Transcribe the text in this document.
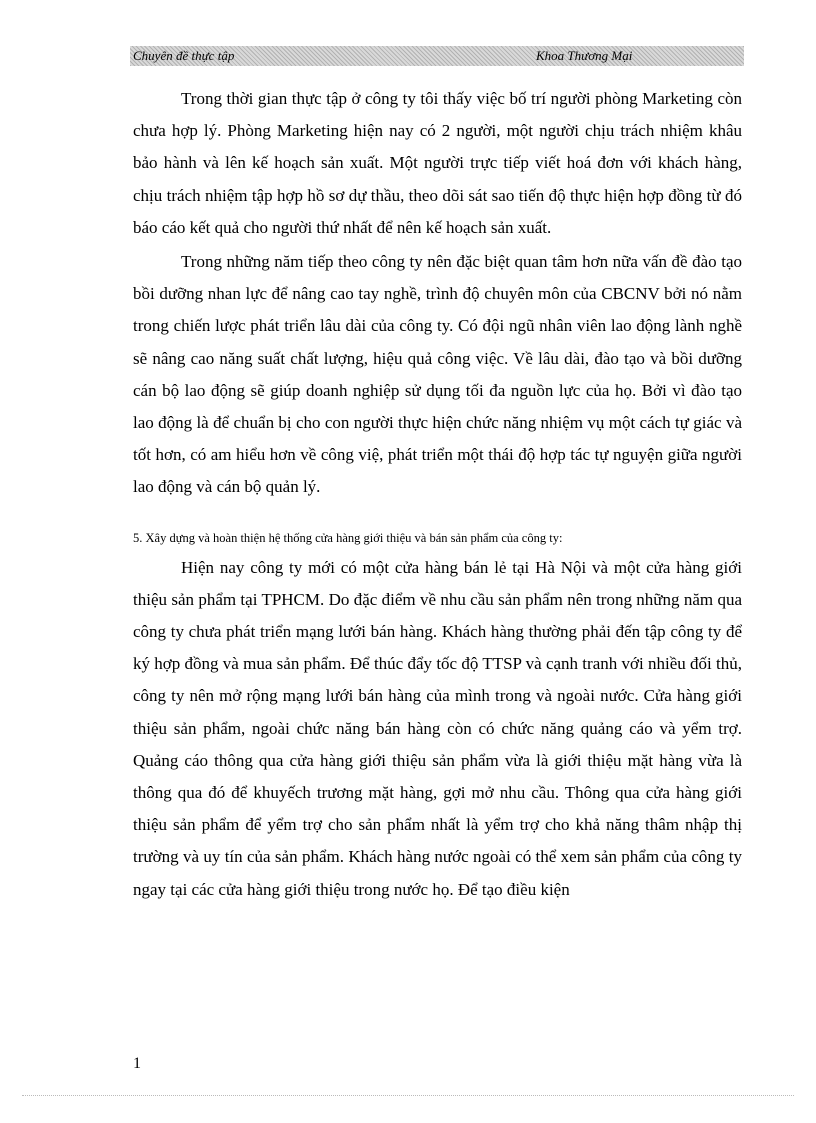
Chuyên đề thực tập	Khoa Thương Mại

Trong thời gian thực tập ở công ty tôi thấy việc bố trí người phòng Marketing còn chưa hợp lý. Phòng Marketing hiện nay có 2 người, một người chịu trách nhiệm khâu bảo hành và lên kế hoạch sản xuất. Một người trực tiếp viết hoá đơn với khách hàng, chịu trách nhiệm tập hợp hồ sơ dự thầu, theo dõi sát sao tiến độ thực hiện hợp đồng từ đó báo cáo kết quả cho người thứ nhất để nên kế hoạch sản xuất.

Trong những năm tiếp theo công ty nên đặc biệt quan tâm hơn nữa vấn đề đào tạo bồi dưỡng nhan lực để nâng cao tay nghề, trình độ chuyên môn của CBCNV bởi nó nằm trong chiến lược phát triển lâu dài của công ty. Có đội ngũ nhân viên lao động lành nghề sẽ nâng cao năng suất chất lượng, hiệu quả công việc. Về lâu dài, đào tạo và bồi dưỡng cán bộ lao động sẽ giúp doanh nghiệp sử dụng tối đa nguồn lực của họ. Bởi vì đào tạo lao động là để chuẩn bị cho con người thực hiện chức năng nhiệm vụ một cách tự giác và tốt hơn, có am hiểu hơn về công việ, phát triển một thái độ hợp tác tự nguyện giữa người lao động và cán bộ quản lý.

5. Xây dựng và hoàn thiện hệ thống cửa hàng giới thiệu và bán sản phẩm của công ty:

Hiện nay công ty mới có một cửa hàng bán lẻ tại Hà Nội và một cửa hàng giới thiệu sản phẩm tại TPHCM. Do đặc điểm về nhu cầu sản phẩm nên trong những năm qua công ty chưa phát triển mạng lưới bán hàng. Khách hàng thường phải đến tập công ty để ký hợp đồng và mua sản phẩm. Để thúc đẩy tốc độ TTSP và cạnh tranh với nhiều đối thủ, công ty nên mở rộng mạng lưới bán hàng của mình trong và ngoài nước. Cửa hàng giới thiệu sản phẩm, ngoài chức năng bán hàng còn có chức năng quảng cáo và yểm trợ. Quảng cáo thông qua cửa hàng giới thiệu sản phẩm vừa là giới thiệu mặt hàng vừa là thông qua đó để khuyếch trương mặt hàng, gợi mở nhu cầu. Thông qua cửa hàng giới thiệu sản phẩm để yểm trợ cho sản phẩm nhất là yểm trợ cho khả năng thâm nhập thị trường và uy tín của sản phẩm. Khách hàng nước ngoài có thể xem sản phẩm của công ty ngay tại các cửa hàng giới thiệu trong nước họ. Để tạo điều kiện

1
